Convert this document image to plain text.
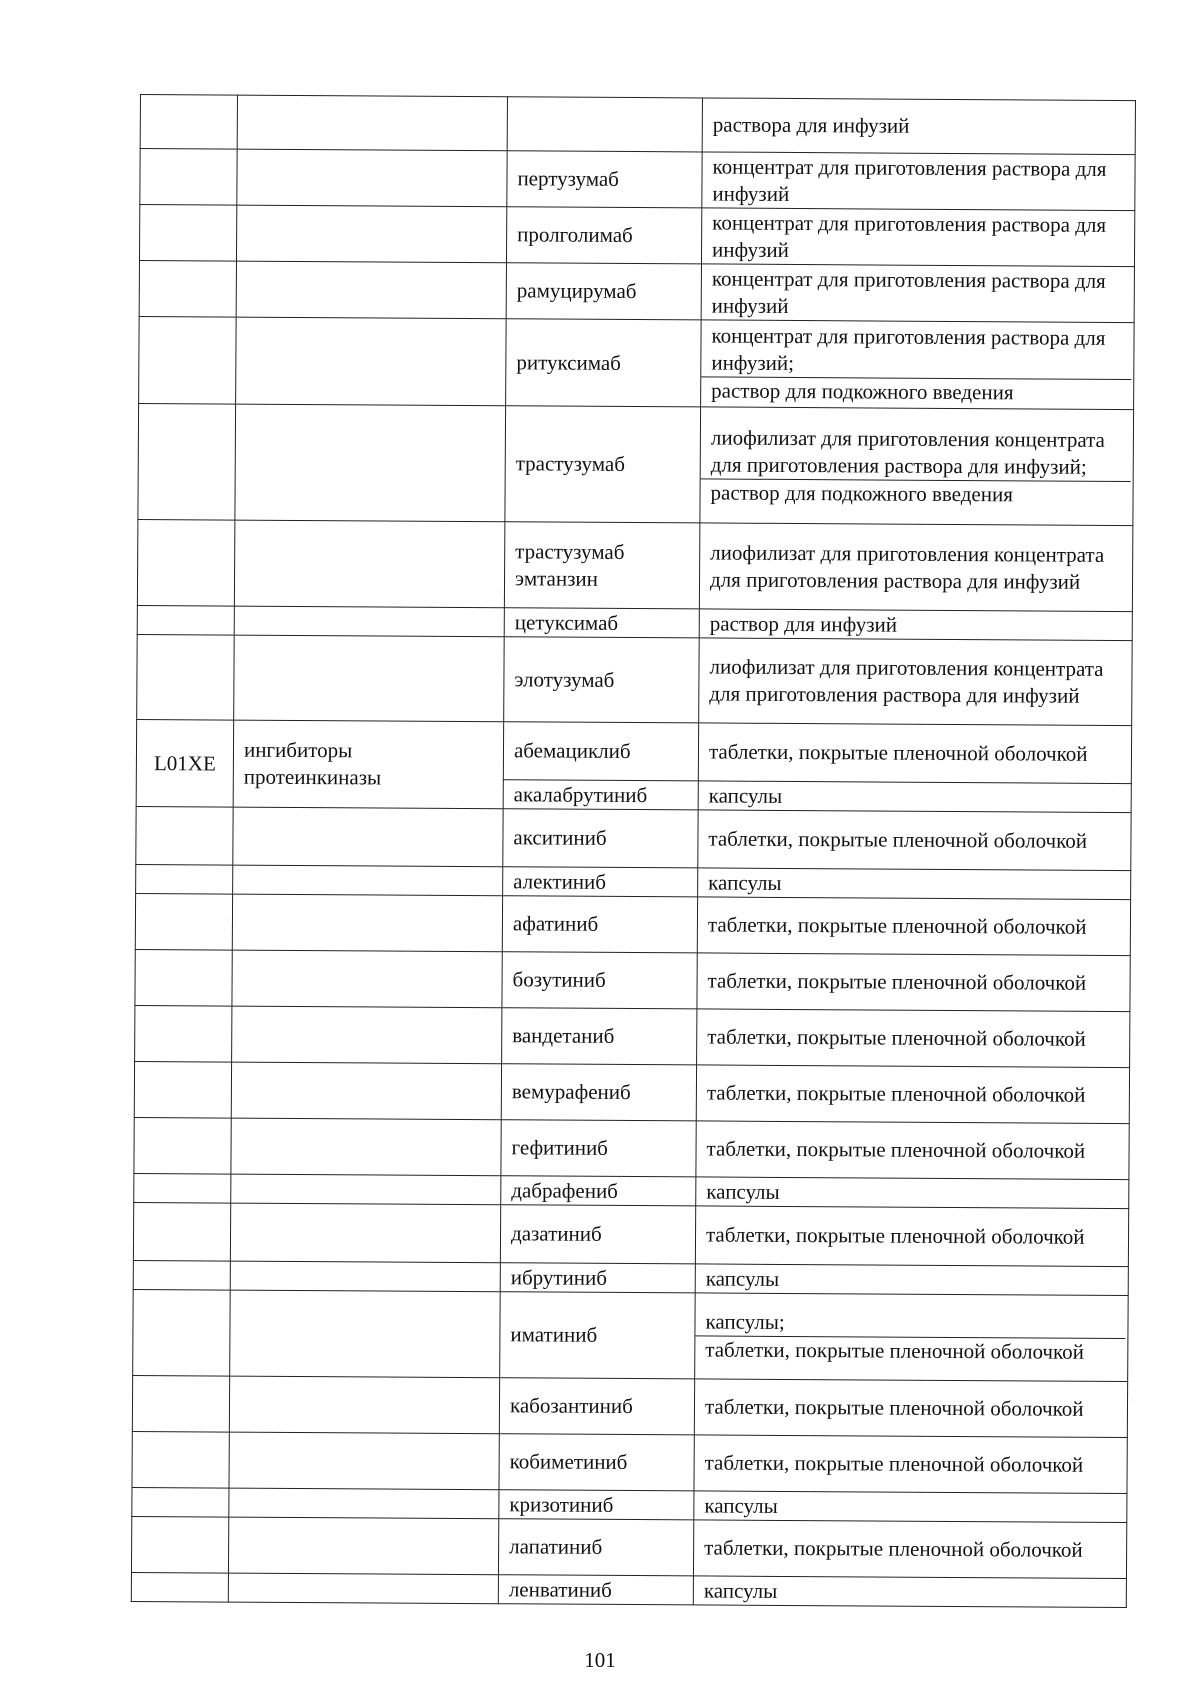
			раствора для инфузий

		пертузумаб	концентрат для приготовления раствора для инфузий

		пролголимаб	концентрат для приготовления раствора для инфузий

		рамуцирумаб	концентрат для приготовления раствора для инфузий

		ритуксимаб	концентрат для приготовления раствора для инфузий;
раствор для подкожного введения

		трастузумаб	лиофилизат для приготовления концентрата для приготовления раствора для инфузий;
раствор для подкожного введения

		трастузумаб эмтанзин	лиофилизат для приготовления концентрата для приготовления раствора для инфузий

		цетуксимаб	раствор для инфузий

		элотузумаб	лиофилизат для приготовления концентрата для приготовления раствора для инфузий

L01XE	ингибиторы протеинкиназы	абемациклиб	таблетки, покрытые пленочной оболочкой

		акалабрутиниб	капсулы

		акситиниб	таблетки, покрытые пленочной оболочкой

		алектиниб	капсулы

		афатиниб	таблетки, покрытые пленочной оболочкой

		бозутиниб	таблетки, покрытые пленочной оболочкой

		вандетаниб	таблетки, покрытые пленочной оболочкой

		вемурафениб	таблетки, покрытые пленочной оболочкой

		гефитиниб	таблетки, покрытые пленочной оболочкой

		дабрафениб	капсулы

		дазатиниб	таблетки, покрытые пленочной оболочкой

		ибрутиниб	капсулы

		иматиниб	капсулы;
таблетки, покрытые пленочной оболочкой

		кабозантиниб	таблетки, покрытые пленочной оболочкой

		кобиметиниб	таблетки, покрытые пленочной оболочкой

		кризотиниб	капсулы

		лапатиниб	таблетки, покрытые пленочной оболочкой

		ленватиниб	капсулы
101
